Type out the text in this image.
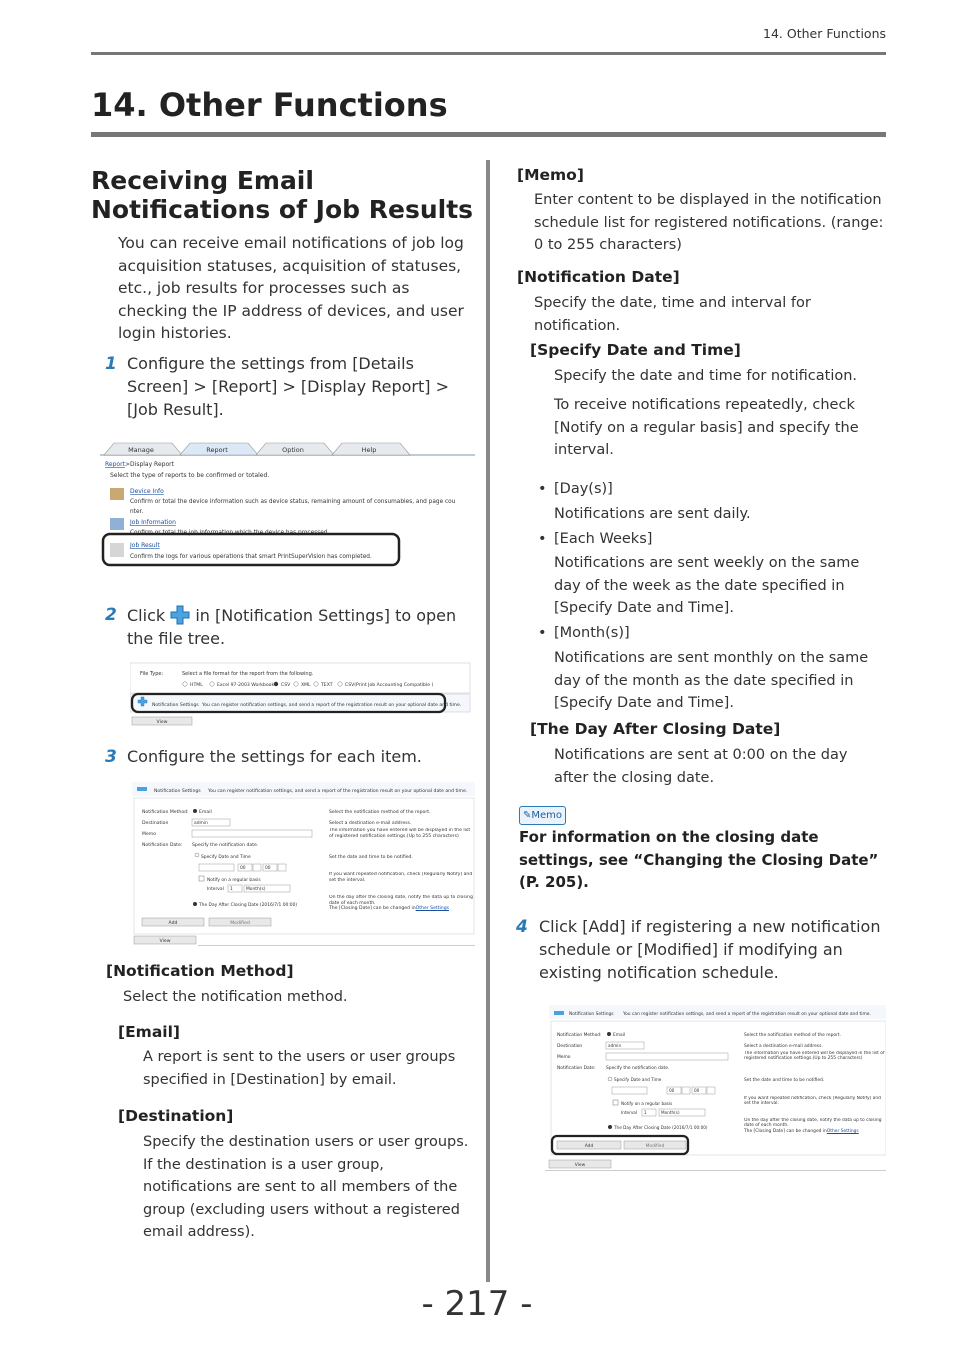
14. Other Functions
14. Other Functions
Receiving Email Notifications of Job Results
You can receive email notifications of job log acquisition statuses, acquisition of statuses, etc., job results for processes such as checking the IP address of devices, and user login histories.
1 Configure the settings from [Details Screen] > [Report] > [Display Report] > [Job Result].
Manage	Report	Option	Help
Report >Display Report
Select the type of reports to be confirmed or totaled.
Device Info
Confirm or total the device information such as device status, remaining amount of consumables, and page cou
nter.
Job Information
Confirm or total the job information which the device has processed.
Job Result
Confirm the logs for various operations that smart PrintSuperVision has completed.
2 Click in [Notification Settings] to open the file tree.
File Type:	Select a file format for the report from the following.
HTML	Excel 97-2003 Workbook CSV XML TEXT	CSV(Print Job Accounting Compatible )
Notification Settings You can register notification settings, and send a report of the registration result on your optional date and time.
View
3 Configure the settings for each item.
Notification Settings You can register notification settings, and send a report of the registration result on your optional date and time.
Notification Method: Email	Select the notification method of the report.
Destination	admin	Select a destination e-mail address.
Memo
The information you have entered will be displayed in the list of registered notification settings.(Up to 255 characters)
Notification Date: Specify the notification date.
Specify Date and Time	Set the date and time to be notified.
00	00
Notify on a regular basis
If you want repeated notification, check [Regularly Notify] and set the interval.
Interval 1	Month(s)
The Day After Closing Date (2016/7/1 00:00)
On the day after the closing date, notify the data up to closing date of each month.
The [Closing Date] can be changed inOther Settings
Add	Modified
View
[Notification Method]
Select the notification method.
[Email]
A report is sent to the users or user groups specified in [Destination] by email.
[Destination]
Specify the destination users or user groups. If the destination is a user group, notifications are sent to all members of the group (excluding users without a registered email address).
[Memo]
Enter content to be displayed in the notification schedule list for registered notifications. (range: 0 to 255 characters)
[Notification Date]
Specify the date, time and interval for notification.
[Specify Date and Time]
Specify the date and time for notification.
To receive notifications repeatedly, check [Notify on a regular basis] and specify the interval.
• [Day(s)]
Notifications are sent daily.
• [Each Weeks]
Notifications are sent weekly on the same day of the week as the date specified in [Specify Date and Time].
• [Month(s)]
Notifications are sent monthly on the same day of the month as the date specified in [Specify Date and Time].
[The Day After Closing Date]
Notifications are sent at 0:00 on the day after the closing date.
✎Memo
For information on the closing date settings, see “Changing the Closing Date” (P. 205).
4 Click [Add] if registering a new notification schedule or [Modified] if modifying an existing notification schedule.
Notification Settings You can register notification settings, and send a report of the registration result on your optional date and time.
Notification Method:	Email	Select the notification method of the report.
Destination	admin	Select a destination e-mail address.
Memo
The information you have entered will be displayed in the list of registered notification settings.(Up to 255 characters)
Notification Date: Specify the notification date.
Specify Date and Time	Set the date and time to be notified.
00	00
Notify on a regular basis
If you want repeated notification, check [Regularly Notify] and set the interval.
Interval 1	Month(s)
The Day After Closing Date (2016/7/1 00:00)
On the day after the closing date, notify the data up to closing date of each month.
The [Closing Date] can be changed inOther Settings
Add	Modified
View
- 217 -
